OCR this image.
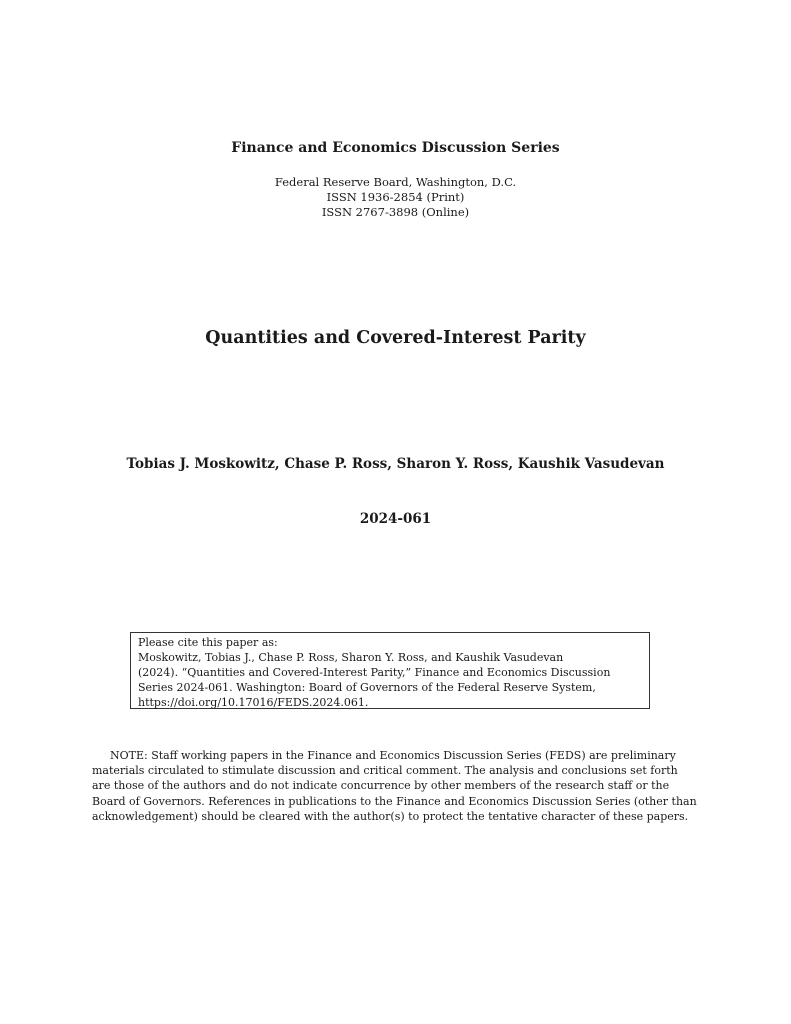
Finance and Economics Discussion Series
Federal Reserve Board, Washington, D.C.
ISSN 1936-2854 (Print)
ISSN 2767-3898 (Online)
Quantities and Covered-Interest Parity
Tobias J. Moskowitz, Chase P. Ross, Sharon Y. Ross, Kaushik Vasudevan
2024-061
Please cite this paper as:
Moskowitz, Tobias J., Chase P. Ross, Sharon Y. Ross, and Kaushik Vasudevan
(2024). “Quantities and Covered-Interest Parity,” Finance and Economics Discussion
Series 2024-061. Washington: Board of Governors of the Federal Reserve System,
https://doi.org/10.17016/FEDS.2024.061.
NOTE: Staff working papers in the Finance and Economics Discussion Series (FEDS) are preliminary
materials circulated to stimulate discussion and critical comment. The analysis and conclusions set forth
are those of the authors and do not indicate concurrence by other members of the research staff or the
Board of Governors. References in publications to the Finance and Economics Discussion Series (other than
acknowledgement) should be cleared with the author(s) to protect the tentative character of these papers.
